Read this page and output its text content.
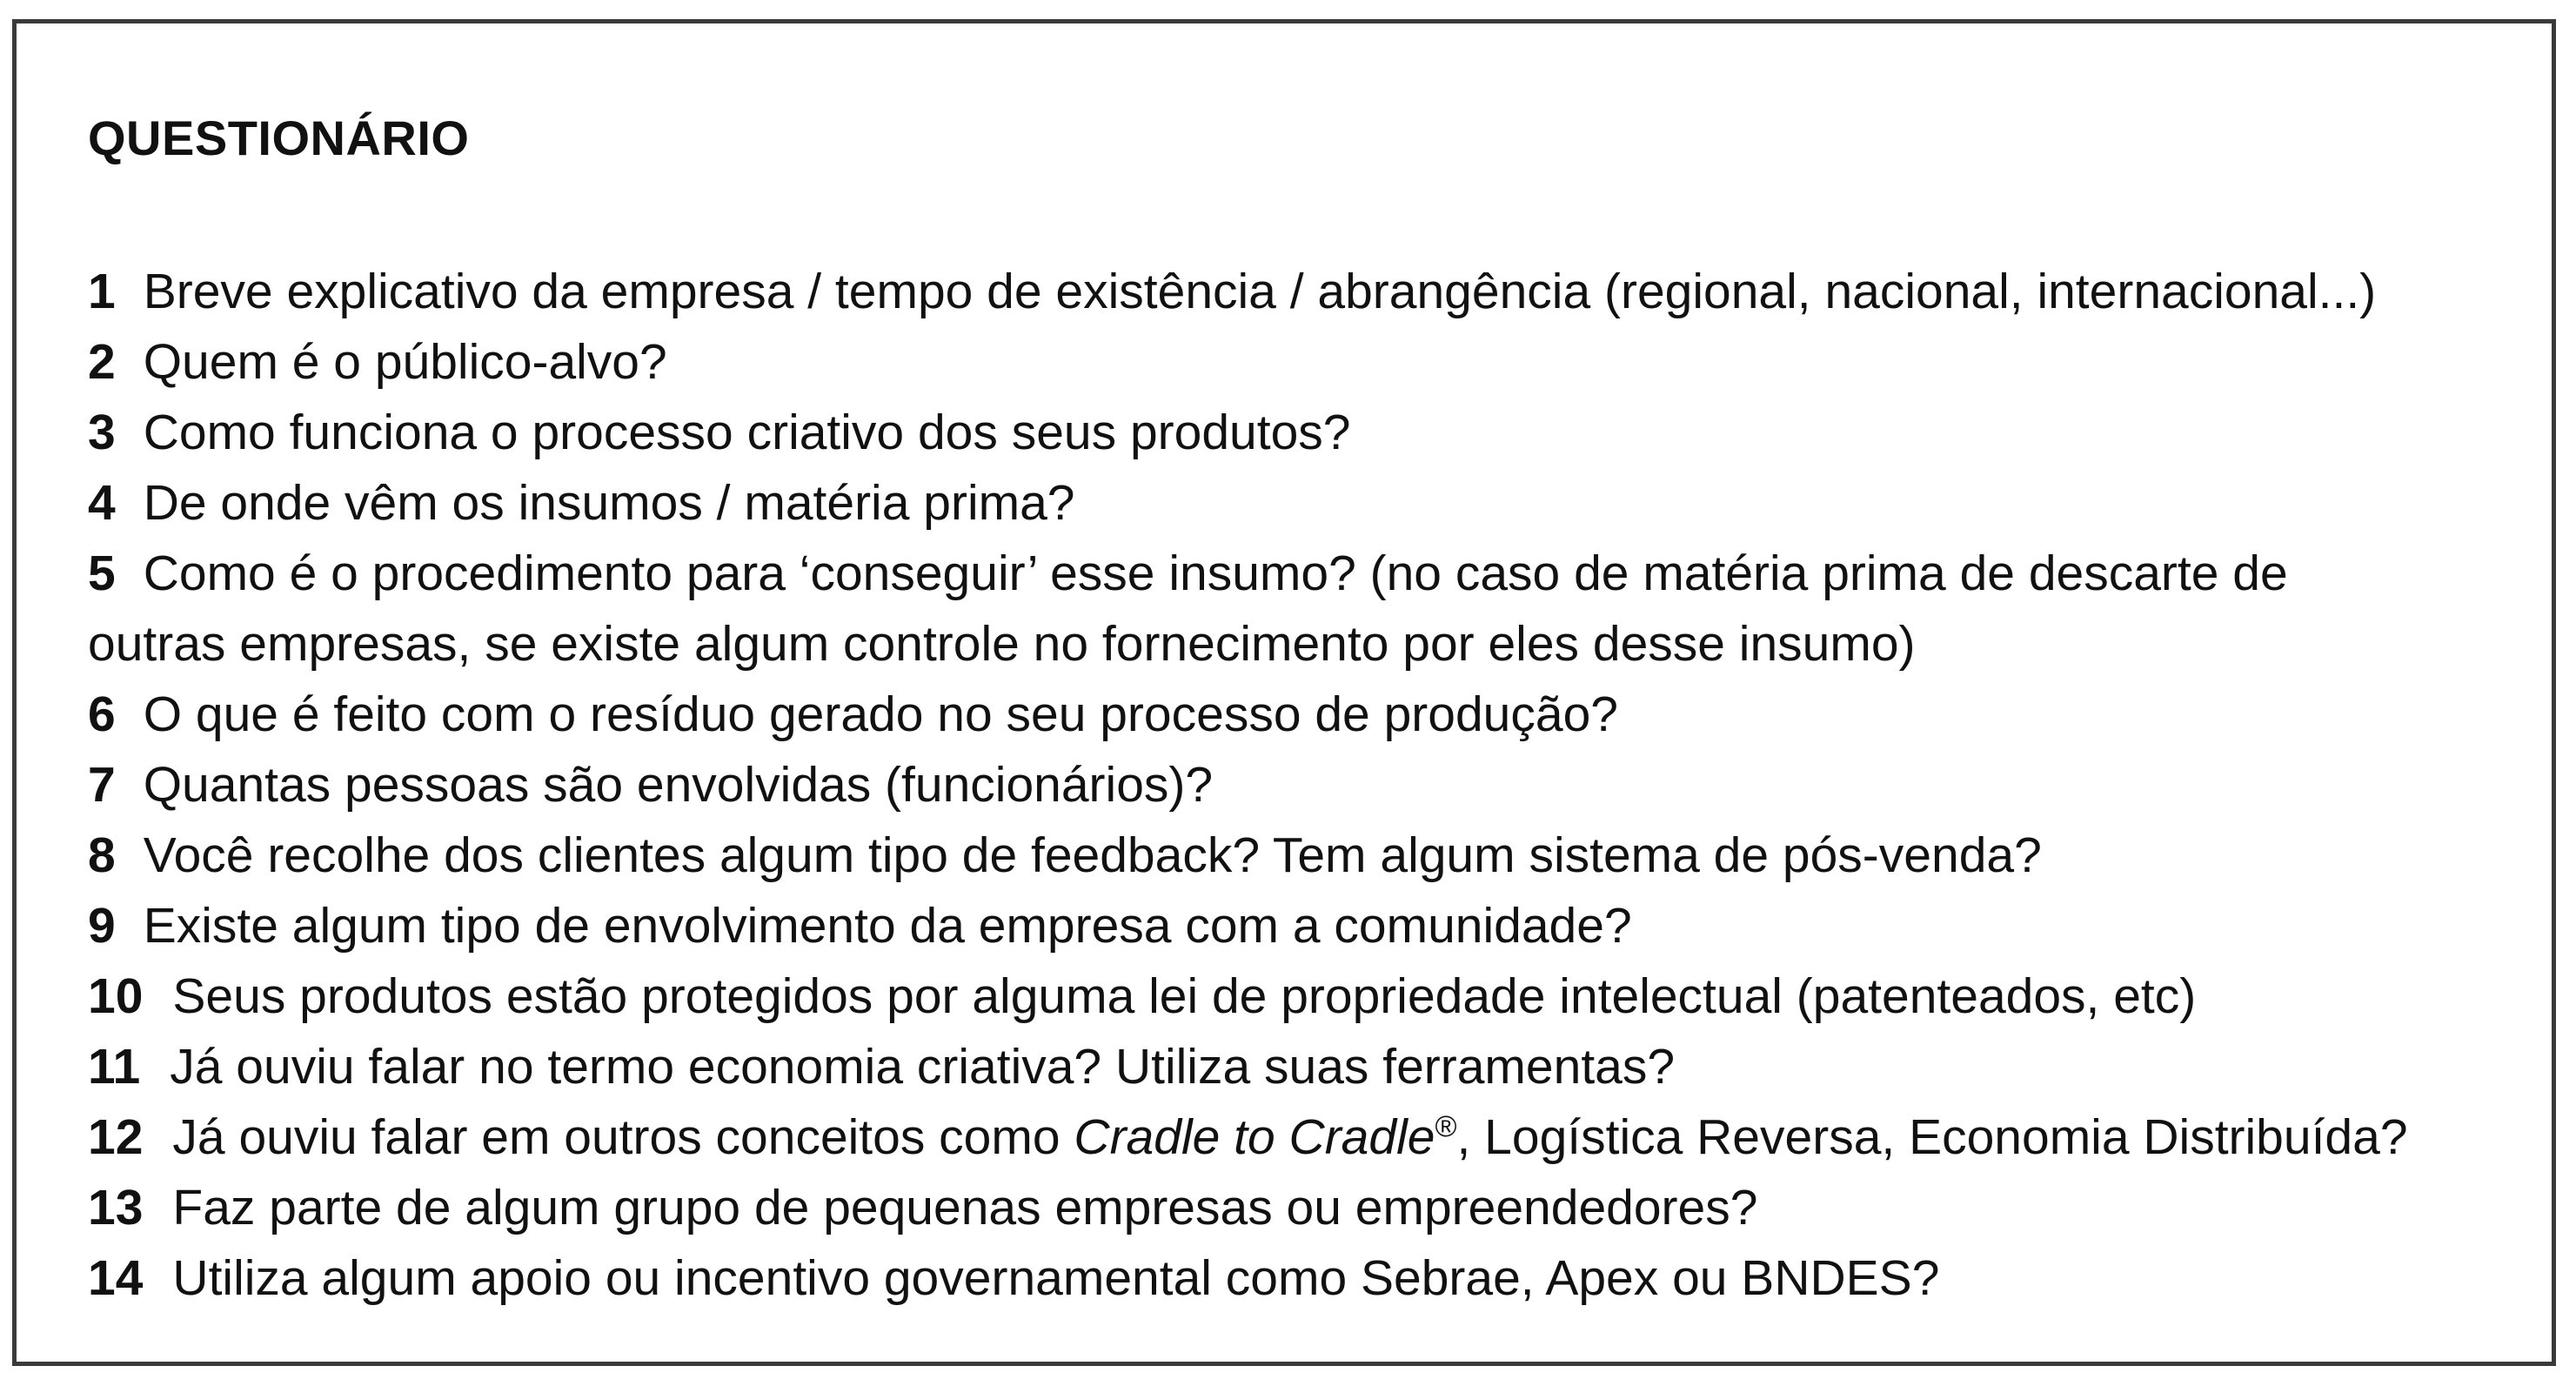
QUESTIONÁRIO
1 Breve explicativo da empresa / tempo de existência / abrangência (regional, nacional, internacional...)
2 Quem é o público-alvo?
3 Como funciona o processo criativo dos seus produtos?
4 De onde vêm os insumos / matéria prima?
5 Como é o procedimento para ‘conseguir’ esse insumo? (no caso de matéria prima de descarte de outras empresas, se existe algum controle no fornecimento por eles desse insumo)
6 O que é feito com o resíduo gerado no seu processo de produção?
7 Quantas pessoas são envolvidas (funcionários)?
8 Você recolhe dos clientes algum tipo de feedback? Tem algum sistema de pós-venda?
9 Existe algum tipo de envolvimento da empresa com a comunidade?
10 Seus produtos estão protegidos por alguma lei de propriedade intelectual (patenteados, etc)
11 Já ouviu falar no termo economia criativa? Utiliza suas ferramentas?
12 Já ouviu falar em outros conceitos como Cradle to Cradle®, Logística Reversa, Economia Distribuída?
13 Faz parte de algum grupo de pequenas empresas ou empreendedores?
14 Utiliza algum apoio ou incentivo governamental como Sebrae, Apex ou BNDES?
